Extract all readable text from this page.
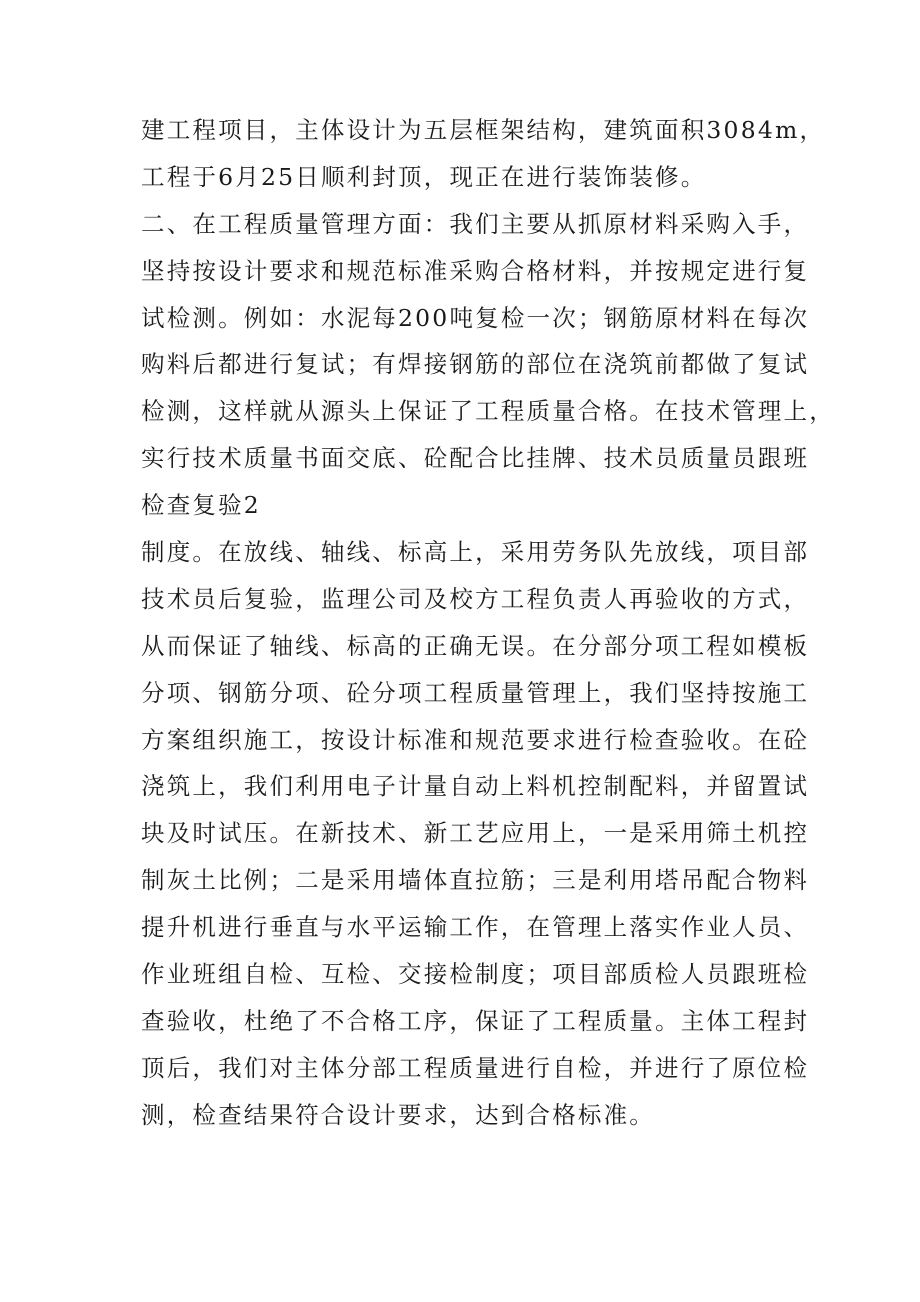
建工程项目，主体设计为五层框架结构，建筑面积3084m，

工程于6月25日顺利封顶，现正在进行装饰装修。

二、在工程质量管理方面：我们主要从抓原材料采购入手，

坚持按设计要求和规范标准采购合格材料，并按规定进行复

试检测。例如：水泥每200吨复检一次；钢筋原材料在每次

购料后都进行复试；有焊接钢筋的部位在浇筑前都做了复试

检测，这样就从源头上保证了工程质量合格。在技术管理上，

实行技术质量书面交底、砼配合比挂牌、技术员质量员跟班

检查复验2

制度。在放线、轴线、标高上，采用劳务队先放线，项目部

技术员后复验，监理公司及校方工程负责人再验收的方式，

从而保证了轴线、标高的正确无误。在分部分项工程如模板

分项、钢筋分项、砼分项工程质量管理上，我们坚持按施工

方案组织施工，按设计标准和规范要求进行检查验收。在砼

浇筑上，我们利用电子计量自动上料机控制配料，并留置试

块及时试压。在新技术、新工艺应用上，一是采用筛土机控

制灰土比例；二是采用墙体直拉筋；三是利用塔吊配合物料

提升机进行垂直与水平运输工作，在管理上落实作业人员、

作业班组自检、互检、交接检制度；项目部质检人员跟班检

查验收，杜绝了不合格工序，保证了工程质量。主体工程封

顶后，我们对主体分部工程质量进行自检，并进行了原位检

测，检查结果符合设计要求，达到合格标准。
